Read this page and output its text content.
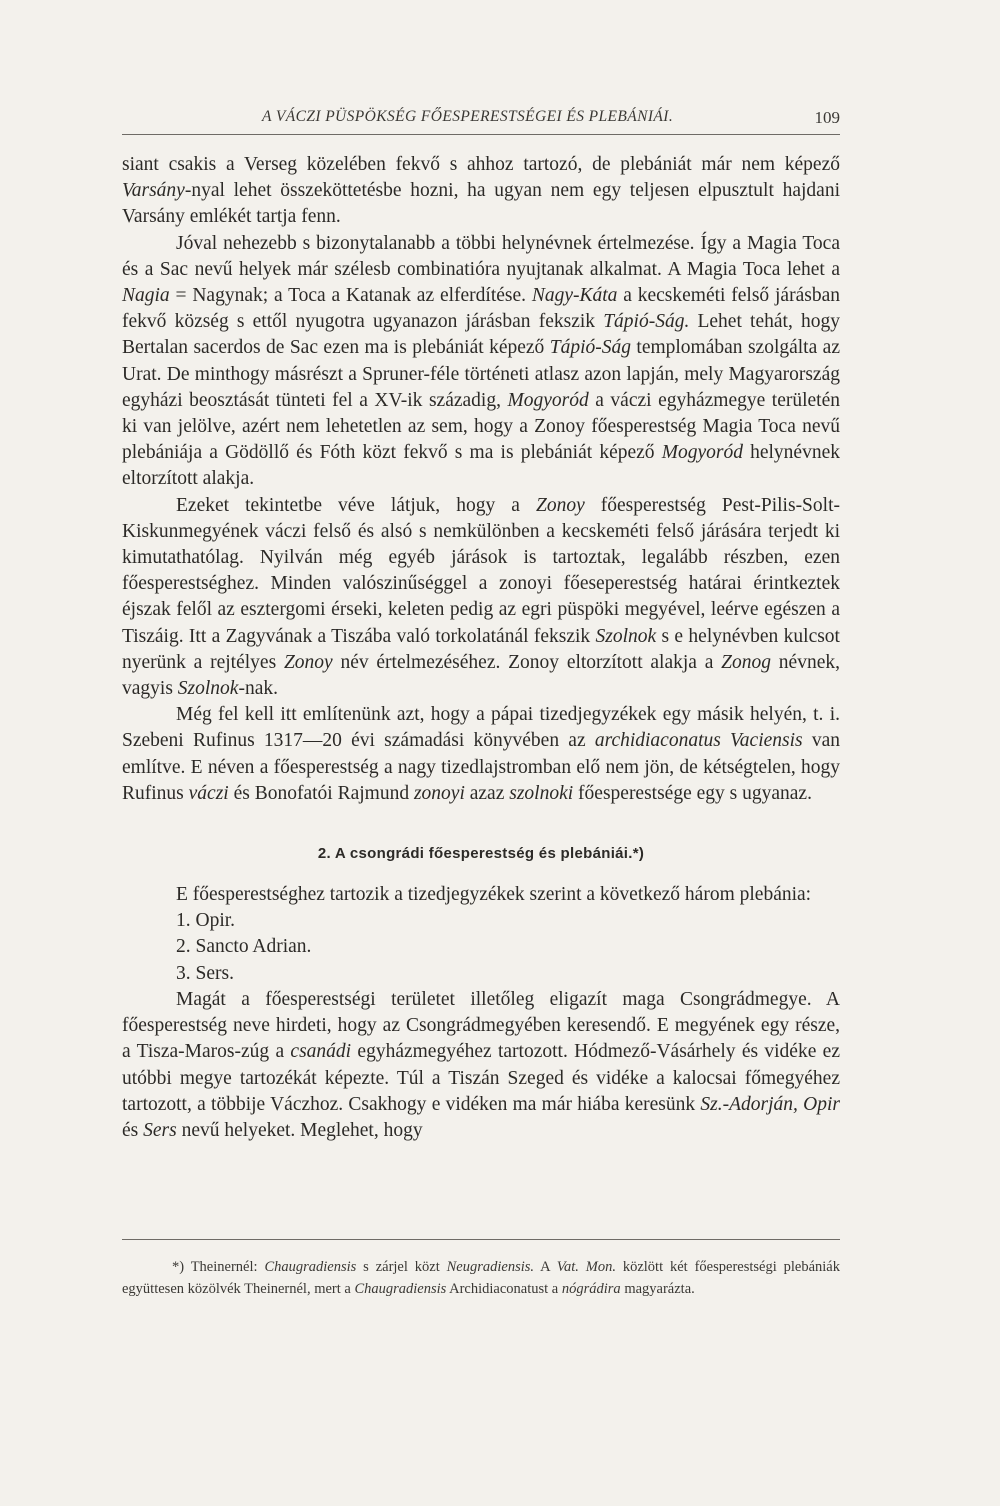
A VÁCZI PÜSPÖKSÉG FŐESPERESTSÉGEI ÉS PLEBÁNIÁI.	109

siant csakis a Verseg közelében fekvő s ahhoz tartozó, de plebániát már nem képező Varsány-nyal lehet összeköttetésbe hozni, ha ugyan nem egy teljesen elpusztult hajdani Varsány emlékét tartja fenn.

Jóval nehezebb s bizonytalanabb a többi helynévnek értelmezése. Így a Magia Toca és a Sac nevű helyek már szélesb combinatióra nyujtanak alkalmat. A Magia Toca lehet a Nagia = Nagynak; a Toca a Katanak az elferdítése. Nagy-Káta a kecskeméti felső járásban fekvő község s ettől nyugotra ugyanazon járásban fekszik Tápió-Ság. Lehet tehát, hogy Bertalan sacerdos de Sac ezen ma is plebániát képező Tápió-Ság templomában szolgálta az Urat. De minthogy másrészt a Spruner-féle történeti atlasz azon lapján, mely Magyarország egyházi beosztását tünteti fel a XV-ik századig, Mogyoród a váczi egyházmegye területén ki van jelölve, azért nem lehetetlen az sem, hogy a Zonoy főesperestség Magia Toca nevű plebániája a Gödöllő és Fóth közt fekvő s ma is plebániát képező Mogyoród helynévnek eltorzított alakja.

Ezeket tekintetbe véve látjuk, hogy a Zonoy főesperestség Pest-Pilis-Solt-Kiskunmegyének váczi felső és alsó s nemkülönben a kecskeméti felső járására terjedt ki kimutathatólag. Nyilván még egyéb járások is tartoztak, legalább részben, ezen főesperestséghez. Minden valószinűséggel a zonoyi főeseperestség határai érintkeztek éjszak felől az esztergomi érseki, keleten pedig az egri püspöki megyével, leérve egészen a Tiszáig. Itt a Zagyvának a Tiszába való torkolatánál fekszik Szolnok s e helynévben kulcsot nyerünk a rejtélyes Zonoy név értelmezéséhez. Zonoy eltorzított alakja a Zonog névnek, vagyis Szolnok-nak.

Még fel kell itt említenünk azt, hogy a pápai tizedjegyzékek egy másik helyén, t. i. Szebeni Rufinus 1317—20 évi számadási könyvében az archidiaconatus Vaciensis van említve. E néven a főesperestség a nagy tizedlajstromban elő nem jön, de kétségtelen, hogy Rufinus váczi és Bonofatói Rajmund zonoyi azaz szolnoki főesperestsége egy s ugyanaz.

2. A csongrádi főesperestség és plebániái.*)

E főesperestséghez tartozik a tizedjegyzékek szerint a következő három plebánia:

1. Opir.
2. Sancto Adrian.
3. Sers.

Magát a főesperestségi területet illetőleg eligazít maga Csongrádmegye. A főesperestség neve hirdeti, hogy az Csongrádmegyében keresendő. E megyének egy része, a Tisza-Maros-zúg a csanádi egyházmegyéhez tartozott. Hódmező-Vásárhely és vidéke ez utóbbi megye tartozékát képezte. Túl a Tiszán Szeged és vidéke a kalocsai főmegyéhez tartozott, a többije Váczhoz. Csakhogy e vidéken ma már hiába keresünk Sz.-Adorján, Opir és Sers nevű helyeket. Meglehet, hogy

*) Theinernél: Chaugradiensis s zárjel közt Neugradiensis. A Vat. Mon. közlött két főesperestségi plebániák együttesen közölvék Theinernél, mert a Chaugradiensis Archidiaconatust a nógrádira magyarázta.
